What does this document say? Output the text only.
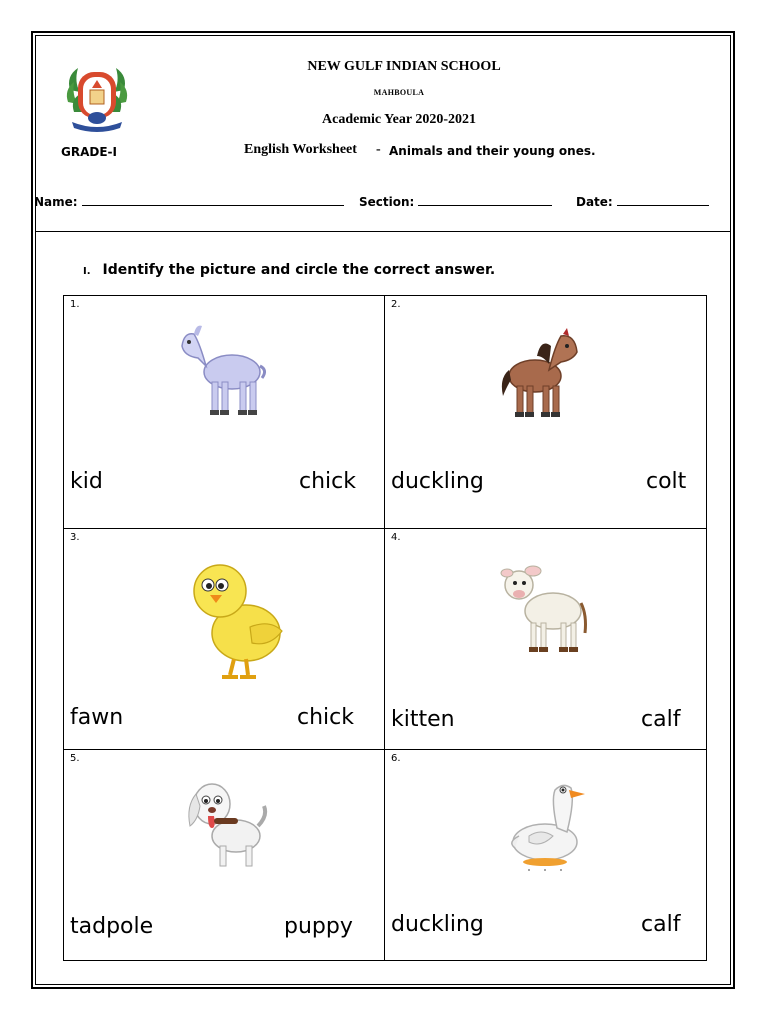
NEW GULF INDIAN SCHOOL
MAHBOULA
Academic Year 2020-2021
GRADE-I	English Worksheet - Animals and their young ones.
Name:	Section:	Date:
I. Identify the picture and circle the correct answer.
1.
kid	chick
2.
duckling	colt
3.
fawn	chick
4.
kitten	calf
5.
tadpole	puppy
6.
duckling	calf
